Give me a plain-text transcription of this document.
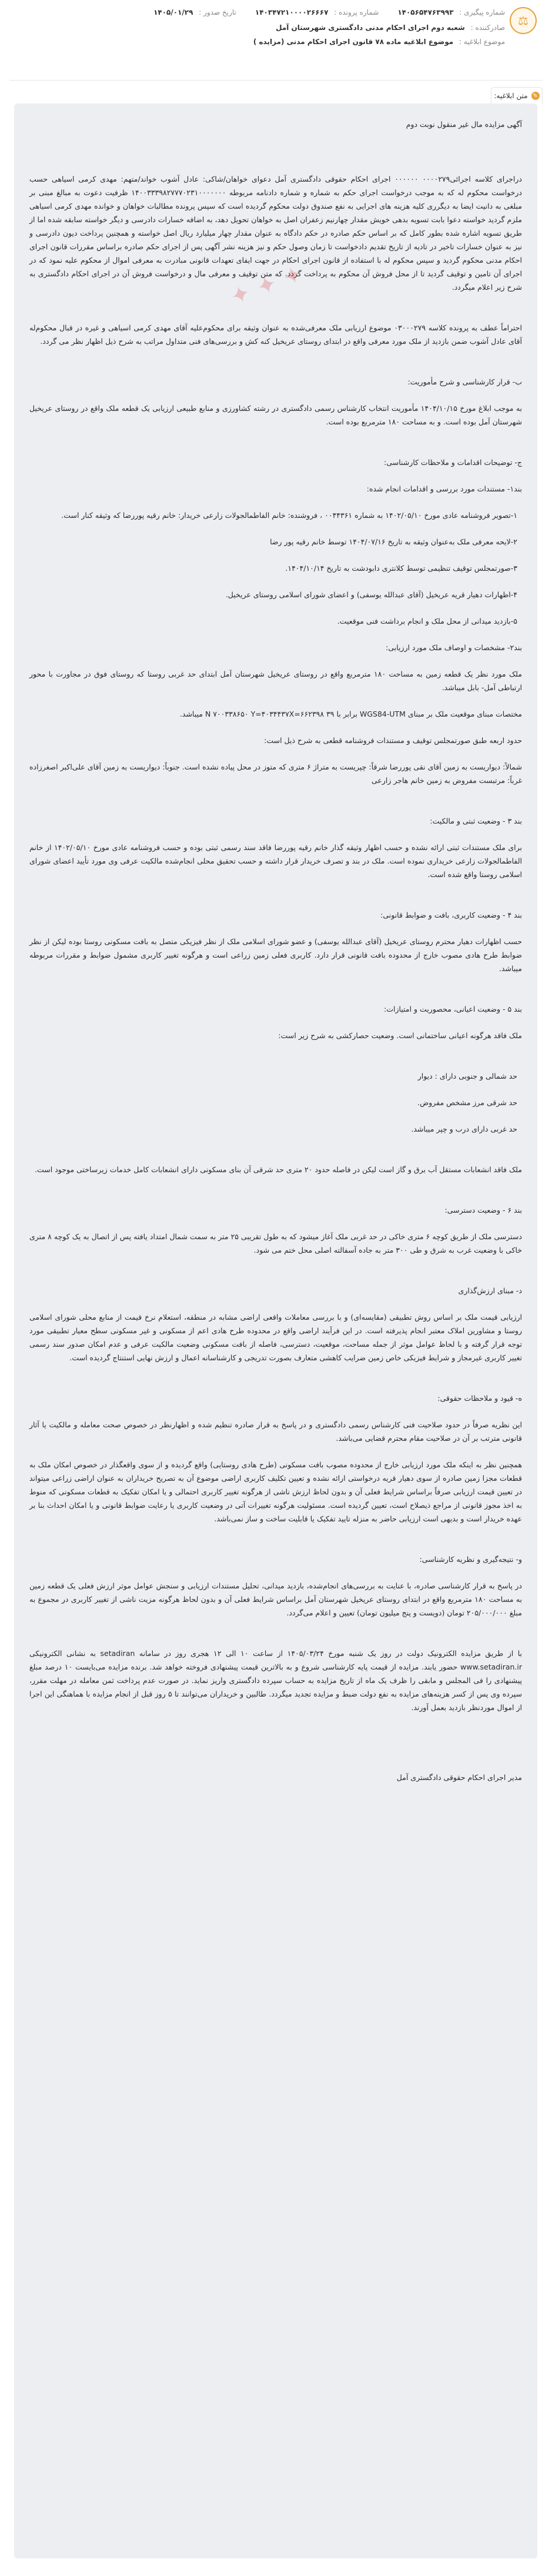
⚖
شماره پیگیری : ۱۴۰۵۶۵۴۷۶۳۹۹۳
شماره پرونده : ۱۴۰۳۴۷۲۱۰۰۰۰۲۶۶۶۷
تاریخ صدور : ۱۴۰۵/۰۱/۲۹
صادرکننده : شعبه دوم اجرای احکام مدنی دادگستری شهرستان آمل
موضوع ابلاغیه : موضوع ابلاغیه ماده ۷۸ قانون اجرای احکام مدنی (مزایده )
✎
متن ابلاغیه:
✦ ✦ ✦

آگهی مزایده مال غیر منقول نوبت دوم

دراجرای کلاسه اجرائی۰۰۰۰۲۷۹ ۰۰۰۰۰۰ اجرای احکام حقوقی دادگستری آمل دعوای خواهان/شاکی: عادل آشوب خواند/متهم: مهدی کرمی اسیاهی حسب درخواست محکوم له که به موجب درخواست اجرای حکم به شماره و شماره دادنامه مربوطه ۱۴۰۰۳۳۳۹۸۲۷۷۷۰۲۳۱۰۰۰۰۰۰۰ ظرفیت دعوت به مبالغ مبنی بر مبلغی به دانیت ایضا به دیگرری کلیه هزینه های اجرایی به نفع صندوق دولت محکوم گردیده است که سپس پرونده مطالبات خواهان و خوانده مهدی کرمی اسیاهی ملزم گردید خواسته دعوا بابت تسویه بدهی خویش مقدار چهارنیم زعفران اصل به خواهان تحویل دهد، به اضافه خسارات دادرسی و دیگر خواسته سابقه شده اما از طریق تسویه اشاره شده بطور کامل که بر اساس حکم صادره در حکم دادگاه به عنوان مقدار چهار میلیارد ریال اصل خواسته و همچنین پرداخت دیون دادرسی و نیز به عنوان خسارات تاخیر در تادیه از تاریخ تقدیم دادخواست تا زمان وصول حکم و نیز هزینه نشر آگهی پس از اجرای حکم صادره براساس مقررات قانون اجرای احکام مدنی محکوم گردید و سپس محکوم له با استفاده از قانون اجرای احکام در جهت ایفای تعهدات قانونی مبادرت به معرفی اموال از محکوم علیه نمود که در اجرای آن تامین و توقیف گردید تا از محل فروش آن محکوم به پرداخت گردد. که متن توقیف و معرفی مال و درخواست فروش آن در اجرای احکام دادگستری به شرح زیر اعلام میگردد.

احتراماً عطف به پرونده کلاسه ۰۳۰۰۰۲۷۹ موضوع ارزیابی ملک معرفی‌شده به عنوان وثیقه برای محکوم‌علیه آقای مهدی کرمی اسیاهی و غیره در قبال محکوم‌له آقای عادل آشوب ضمن بازدید از ملک مورد معرفی واقع در ابتدای روستای عریخیل کنه کش و بررسی‌های فنی متداول مراتب به شرح ذیل اظهار نظر می گردد.

ب- قرار کارشناسی و شرح مأموریت:

به موجب ابلاغ مورخ ۱۴۰۴/۱۰/۱۵ مأموریت انتخاب کارشناس رسمی دادگستری در رشته کشاورزی و منابع طبیعی ارزیابی یک قطعه ملک واقع در روستای عریخیل شهرستان آمل بوده است. و به مساحت ۱۸۰ مترمربع بوده است.

ج- توضیحات اقدامات و ملاحظات کارشناسی:

بند۱- مستندات مورد بررسی و اقدامات انجام شده:

۱-تصویر فروشنامه عادی مورخ ۱۴۰۲/۰۵/۱۰ به شماره ۰۰۴۴۳۶۱ ، فروشنده: خانم الفاطمالجولات زارعی خریدار: خانم رقیه پوررضا که وثیقه کنار است.

۲-لایحه معرفی ملک به‌عنوان وثیقه به تاریخ ۱۴۰۴/۰۷/۱۶ توسط خانم رقیه پور رضا

۳-صورتمجلس توقیف تنظیمی توسط کلانتری دابودشت به تاریخ ۱۴۰۴/۱۰/۱۴.

۴-اظهارات دهیار قریه عریخیل (آقای عبدالله یوسفی) و اعضای شورای اسلامی روستای عریخیل.

۵-بازدید میدانی از محل ملک و انجام برداشت فنی موقعیت.

بند۲- مشخصات و اوصاف ملک مورد ارزیابی:

ملک مورد نظر یک قطعه زمین به مساحت ۱۸۰ مترمربع واقع در روستای عریخیل شهرستان آمل ابتدای حد غربی روستا که روستای فوق در مجاورت با محور ارتباطی آمل- بابل میباشد.

مختصات مبنای موقعیت ملک بر مبنای WGS84-UTM برابر با ۳۹ N ۷۰۰۳۳۸۶۵۰ Y=۴۰۳۴۴۳۷X=۶۶۲۳۹۸ میباشد.

حدود اربعه طبق صورتمجلس توقیف و مستندات فروشنامه قطعی به شرح ذیل است:

شمالاً: دیواریست به زمین آقای نقی پوررضا شرقاً: چپریست به متراژ ۶ متری که متوز در محل پیاده نشده است. جنوباً: دیواریست به زمین آقای علی‌اکبر اصغرزاده غرباً: مرتبست مفروض به زمین خانم هاجر زارعی

بند ۳ - وضعیت ثبتی و مالکیت:

برای ملک مستندات ثبتی ارائه نشده و حسب اظهار وثیقه گذار خانم رقیه پوررضا فاقد سند رسمی ثبتی بوده و حسب فروشنامه عادی مورخ ۱۴۰۲/۰۵/۱۰ از خانم الفاطمالجولات زارعی خریداری نموده است. ملک در بند و تصرف خریدار قرار داشته و حسب تحقیق محلی انجام‌شده مالکیت عرفی وی مورد تأیید اعضای شورای اسلامی روستا واقع شده است.

بند ۴ - وضعیت کاربری، بافت و ضوابط قانونی:

حسب اظهارات دهیار محترم روستای عریخیل (آقای عبدالله یوسفی) و عضو شورای اسلامی ملک از نظر فیزیکی متصل به بافت مسکونی روستا بوده لیکن از نظر ضوابط طرح هادی مصوب خارج از محدوده بافت قانونی قرار دارد. کاربری فعلی زمین زراعی است و هرگونه تغییر کاربری مشمول ضوابط و مقررات مربوطه میباشد.

بند ۵ - وضعیت اعیانی، محصوریت و امتیازات:

ملک فاقد هرگونه اعیانی ساختمانی است. وضعیت حصارکشی به شرح زیر است:

حد شمالی و جنوبی دارای : دیوار

حد شرقی مرز مشخص مفروض.

حد غربی دارای درب و چپر میباشد.

ملک فاقد انشعابات مستقل آب برق و گاز است لیکن در فاصله حدود ۲۰ متری حد شرقی آن بنای مسکونی دارای انشعابات کامل خدمات زیرساختی موجود است.

بند ۶ - وضعیت دسترسی:

دسترسی ملک از طریق کوچه ۶ متری خاکی در حد غربی ملک آغاز میشود که به طول تقریبی ۲۵ متر به سمت شمال امتداد یافته پس از اتصال به یک کوچه ۸ متری خاکی با وضعیت غرب به شرق و طی ۳۰۰ متر به جاده آسفالته اصلی محل ختم می شود.

د- مبنای ارزش‌گذاری

ارزیابی قیمت ملک بر اساس روش تطبیقی (مقایسه‌ای) و با بررسی معاملات واقعی اراضی مشابه در منطقه، استعلام نرخ قیمت از منابع محلی شورای اسلامی روستا و مشاورین املاک معتبر انجام پذیرفته است. در این فرآیند اراضی واقع در محدوده طرح هادی اعم از مسکونی و غیر مسکونی سطح معیار تطبیقی مورد توجه قرار گرفته و با لحاظ عوامل موثر از جمله مساحت، موقعیت، دسترسی، فاصله از بافت مسکونی وضعیت مالکیت عرفی و عدم امکان صدور سند رسمی تغییر کاربری غیرمجاز و شرایط فیزیکی خاص زمین ضرایب کاهشی متعارف بصورت تدریجی و کارشناسانه اعمال و ارزش نهایی استنتاج گردیده است.

ه- قیود و ملاحظات حقوقی:

این نظریه صرفاً در حدود صلاحیت فنی کارشناس رسمی دادگستری و در پاسخ به قرار صادره تنظیم شده و اظهارنظر در خصوص صحت معامله و مالکیت یا آثار قانونی مترتب بر آن در صلاحیت مقام محترم قضایی می‌باشد.

همچنین نظر به اینکه ملک مورد ارزیابی خارج از محدوده مصوب بافت مسکونی (طرح هادی روستایی) واقع گردیده و از سوی واقعگذار در خصوص امکان ملک به قطعات مجزا زمین صادره از سوی دهیار قریه درخواستی ارائه نشده و تعیین تکلیف کاربری اراضی موضوع آن به تصریح خریداران به عنوان اراضی زراعی میتواند در تعیین قیمت ارزیابی صرفاً براساس شرایط فعلی آن و بدون لحاظ ارزش ناشی از هرگونه تغییر کاربری احتمالی و یا امکان تفکیک به قطعات مسکونی که منوط به اخذ مجوز قانونی از مراجع ذیصلاح است، تعیین گردیده است. مسئولیت هرگونه تغییرات آتی در وضعیت کاربری یا رعایت ضوابط قانونی و یا امکان احداث بنا بر عهده خریدار است و بدیهی است ارزیابی حاضر به منزله تایید تفکیک یا قابلیت ساخت و ساز نمی‌باشد.

و- نتیجه‌گیری و نظریه کارشناسی:

در پاسخ به قرار کارشناسی صادره، با عنایت به بررسی‌های انجام‌شده، بازدید میدانی، تحلیل مستندات ارزیابی و سنجش عوامل موثر ارزش فعلی یک قطعه زمین به مساحت ۱۸۰ مترمربع واقع در ابتدای روستای عریخیل شهرستان آمل براساس شرایط فعلی آن و بدون لحاظ هرگونه مزیت ناشی از تغییر کاربری در مجموع به مبلغ ۲۰۵/۰۰۰/۰۰۰ تومان (دویست و پنج میلیون تومان) تعیین و اعلام می‌گردد.

با از طریق مزایده الکترونیک دولت در روز یک شنبه مورخ ۱۴۰۵/۰۳/۲۴ از ساعت ۱۰ الی ۱۲ هجری روز در سامانه setadiran به نشانی الکترونیکی www.setadiran.ir حضور یابند. مزایده از قیمت پایه کارشناسی شروع و به بالاترین قیمت پیشنهادی فروخته خواهد شد. برنده مزایده می‌بایست ۱۰ درصد مبلغ پیشنهادی را فی المجلس و مابقی را ظرف یک ماه از تاریخ مزایده به حساب سپرده دادگستری واریز نماید. در صورت عدم پرداخت ثمن معامله در مهلت مقرر، سپرده وی پس از کسر هزینه‌های مزایده به نفع دولت ضبط و مزایده تجدید میگردد. طالبین و خریداران می‌توانند تا ۵ روز قبل از انجام مزایده با هماهنگی این اجرا از اموال موردنظر بازدید بعمل آورند.

مدیر اجرای احکام حقوقی دادگستری آمل
